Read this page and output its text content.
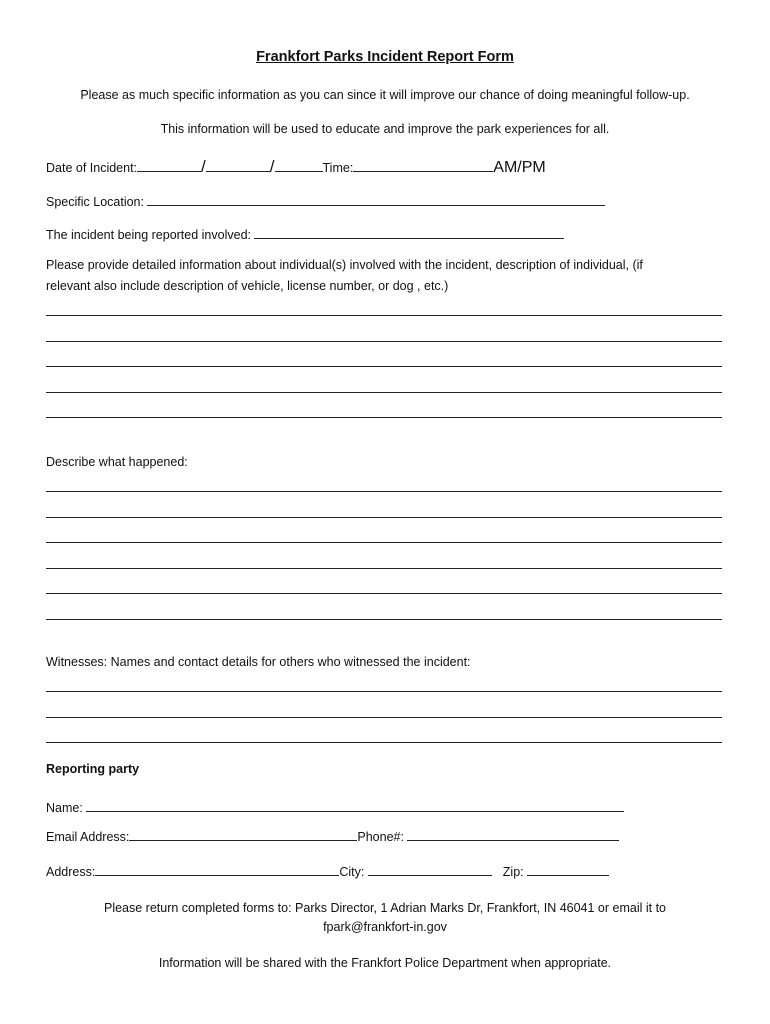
Frankfort Parks Incident Report Form
Please as much specific information as you can since it will improve our chance of doing meaningful follow-up.
This information will be used to educate and improve the park experiences for all.
Date of Incident:	/	/	Time:	AM/PM
Specific Location:
The incident being reported involved:
Please provide detailed information about individual(s) involved with the incident, description of individual, (if
relevant also include description of vehicle, license number, or dog , etc.)
Describe what happened:
Witnesses: Names and contact details for others who witnessed the incident:
Reporting party
Name:
Email Address:	Phone#:
Address:	City:	Zip:
Please return completed forms to: Parks Director, 1 Adrian Marks Dr, Frankfort, IN 46041 or email it to
fpark@frankfort-in.gov
Information will be shared with the Frankfort Police Department when appropriate.
